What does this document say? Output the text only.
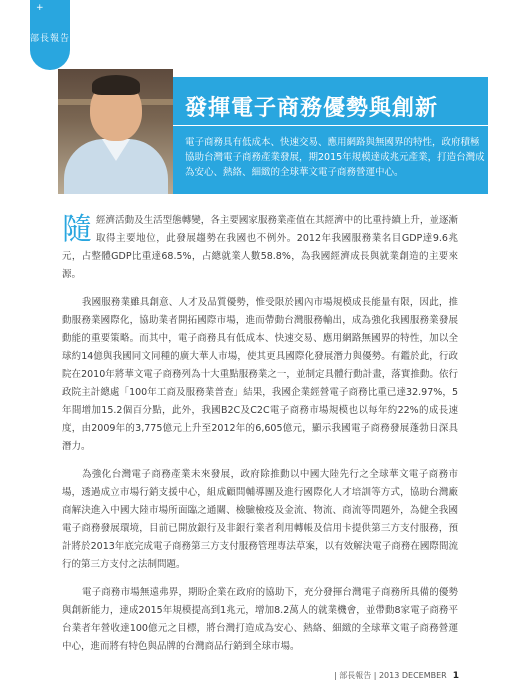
+
部長報告
發揮電子商務優勢與創新

電子商務具有低成本、快速交易、應用網路與無國界的特性，政府積極協助台灣電子商務產業發展，期2015年規模達成兆元產業，打造台灣成為安心、熱絡、細緻的全球華文電子商務營運中心。

隨經濟活動及生活型態轉變，各主要國家服務業產值在其經濟中的比重持續上升，並逐漸取得主要地位，此發展趨勢在我國也不例外。2012年我國服務業名目GDP達9.6兆元，占整體GDP比重達68.5%，占總就業人數58.8%，為我國經濟成長與就業創造的主要來源。

我國服務業雖具創意、人才及品質優勢，惟受限於國內市場規模成長能量有限，因此，推動服務業國際化，協助業者開拓國際市場，進而帶動台灣服務輸出，成為強化我國服務業發展動能的重要策略。而其中，電子商務具有低成本、快速交易、應用網路無國界的特性，加以全球約14億與我國同文同種的廣大華人市場，使其更具國際化發展潛力與優勢。有鑑於此，行政院在2010年將華文電子商務列為十大重點服務業之一，並制定具體行動計畫，落實推動。依行政院主計總處「100年工商及服務業普查」結果，我國企業經營電子商務比重已達32.97%，5年間增加15.2個百分點，此外，我國B2C及C2C電子商務市場規模也以每年約22%的成長速度，由2009年的3,775億元上升至2012年的6,605億元，顯示我國電子商務發展蓬勃日深具潛力。

為強化台灣電子商務產業未來發展，政府除推動以中國大陸先行之全球華文電子商務市場，透過成立市場行銷支援中心，組成顧問輔導團及進行國際化人才培訓等方式，協助台灣廠商解決進入中國大陸市場所面臨之通關、檢驗檢疫及金流、物流、商流等問題外，為健全我國電子商務發展環境，目前已開放銀行及非銀行業者利用轉帳及信用卡提供第三方支付服務，預計將於2013年底完成電子商務第三方支付服務管理專法草案，以有效解決電子商務在國際間流行的第三方支付之法制問題。

電子商務市場無遠弗界，期盼企業在政府的協助下，充分發揮台灣電子商務所具備的優勢與創新能力，達成2015年規模提高到1兆元，增加8.2萬人的就業機會，並帶動8家電子商務平台業者年營收達100億元之目標，將台灣打造成為安心、熱絡、細緻的全球華文電子商務營運中心，進而將有特色與品牌的台灣商品行銷到全球市場。

| 部長報告 | 2013 DECEMBER 1
